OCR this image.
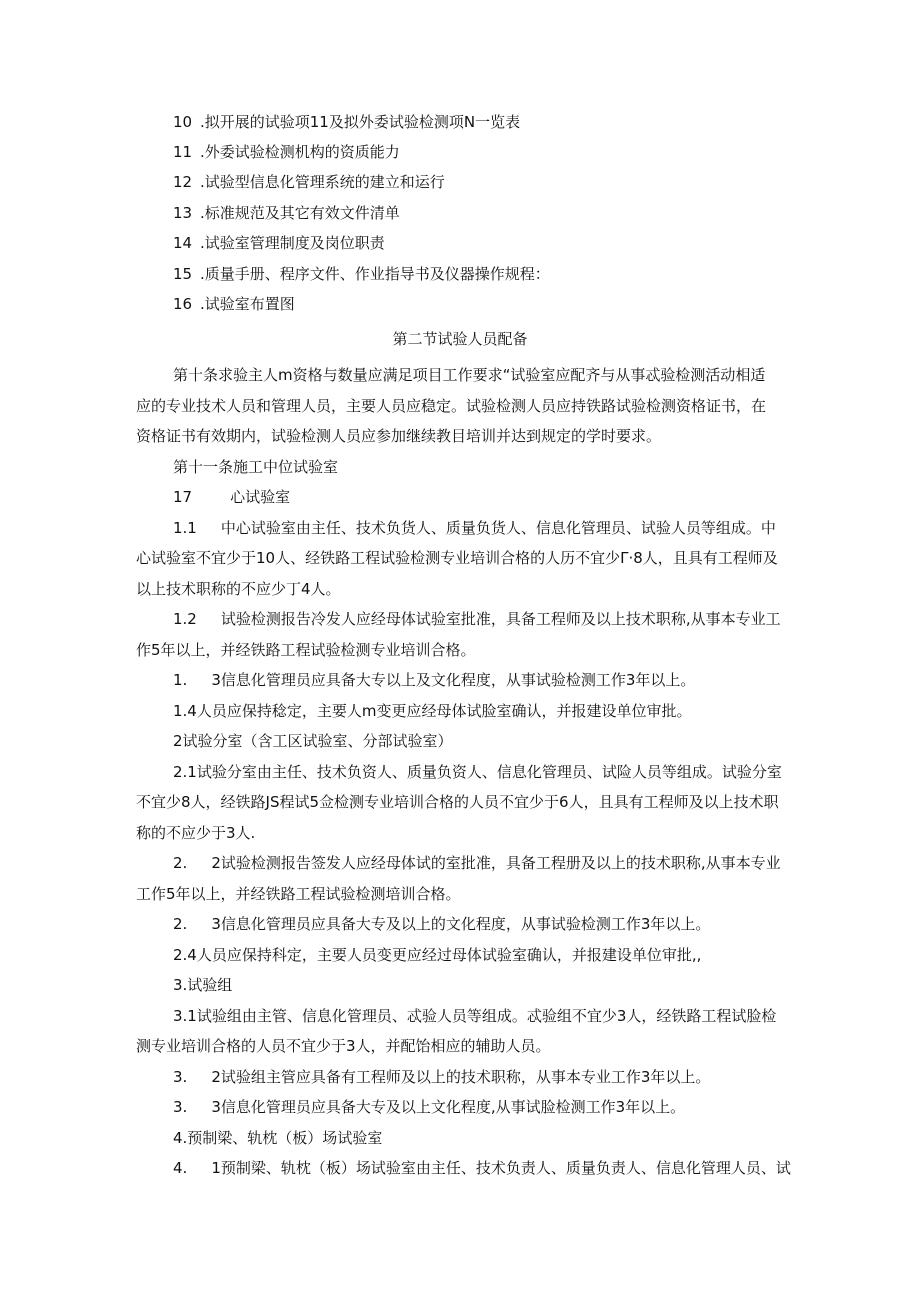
10 .拟开展的试验项11及拟外委试验检测项N一览表
11 .外委试验检测机构的资质能力
12 .试验型信息化管理系统的建立和运行
13 .标准规范及其它有效文件清单
14 .试验室管理制度及岗位职责
15 .质量手册、程序文件、作业指导书及仪器操作规程：
16 .试验室布置图
第二节试验人员配备
第十条求验主人m资格与数量应满足项目工作要求“试验室应配齐与从事忒验检测活动相适
应的专业技术人员和管理人员，主要人员应稳定。试验检测人员应持铁路试验检测资格证书，在
资格证书有效期内，试验检测人员应参加继续教目培训并达到规定的学时要求。
第十一条施工中位试验室
17	心试验室
1.1 中心试验室由主任、技术负货人、质量负货人、信息化管理员、试验人员等组成。中
心试验室不宜少于10人、经铁路工程试验检测专业培训合格的人历不宜少Γ·8人，且具有工程师及
以上技术职称的不应少丁4人。
1.2 试验检测报告冷发人应经母体试验室批准，具备工程师及以上技术职称,从事本专业工
作5年以上，并经铁路工程试验检测专业培训合格。
1. 3信息化管理员应具备大专以上及文化程度，从事试验检测工作3年以上。
1.4人员应保持稔定，主要人m变更应经母体试脸室确认，并报建设单位审批。
2试验分室（含工区试验室、分部试验室）
2.1试验分室由主任、技术负资人、质量负资人、信息化管理员、试险人员等组成。试验分室
不宜少8人，经铁路JS程试5佥检测专业培训合格的人员不宜少于6人，且具有工程师及以上技术职
称的不应少于3人.
2. 2试验检测报告签发人应经母体试的室批准，具备工程册及以上的技术职称,从事本专业
工作5年以上，并经铁路工程试验检测培训合格。
2. 3信息化管理员应具备大专及以上的文化程度，从事试验检测工作3年以上。
2.4人员应保持科定，主要人员变更应经过母体试验室确认，并报建设单位审批,,
3.试验组
3.1试验组由主管、信息化管理员、忒验人员等组成。忒验组不宜少3人，经铁路工程试脸检
测专业培训合格的人员不宜少于3人，并配饴相应的辅助人员。
3. 2试验组主管应具备有工程师及以上的技术职称，从事本专业工作3年以上。
3. 3信息化管理员应具备大专及以上文化程度,从事试脸检测工作3年以上。
4.预制梁、轨枕（板）场试验室
4. 1预制梁、轨枕（板）场试验室由主任、技术负责人、质量负责人、信息化管理人员、试
